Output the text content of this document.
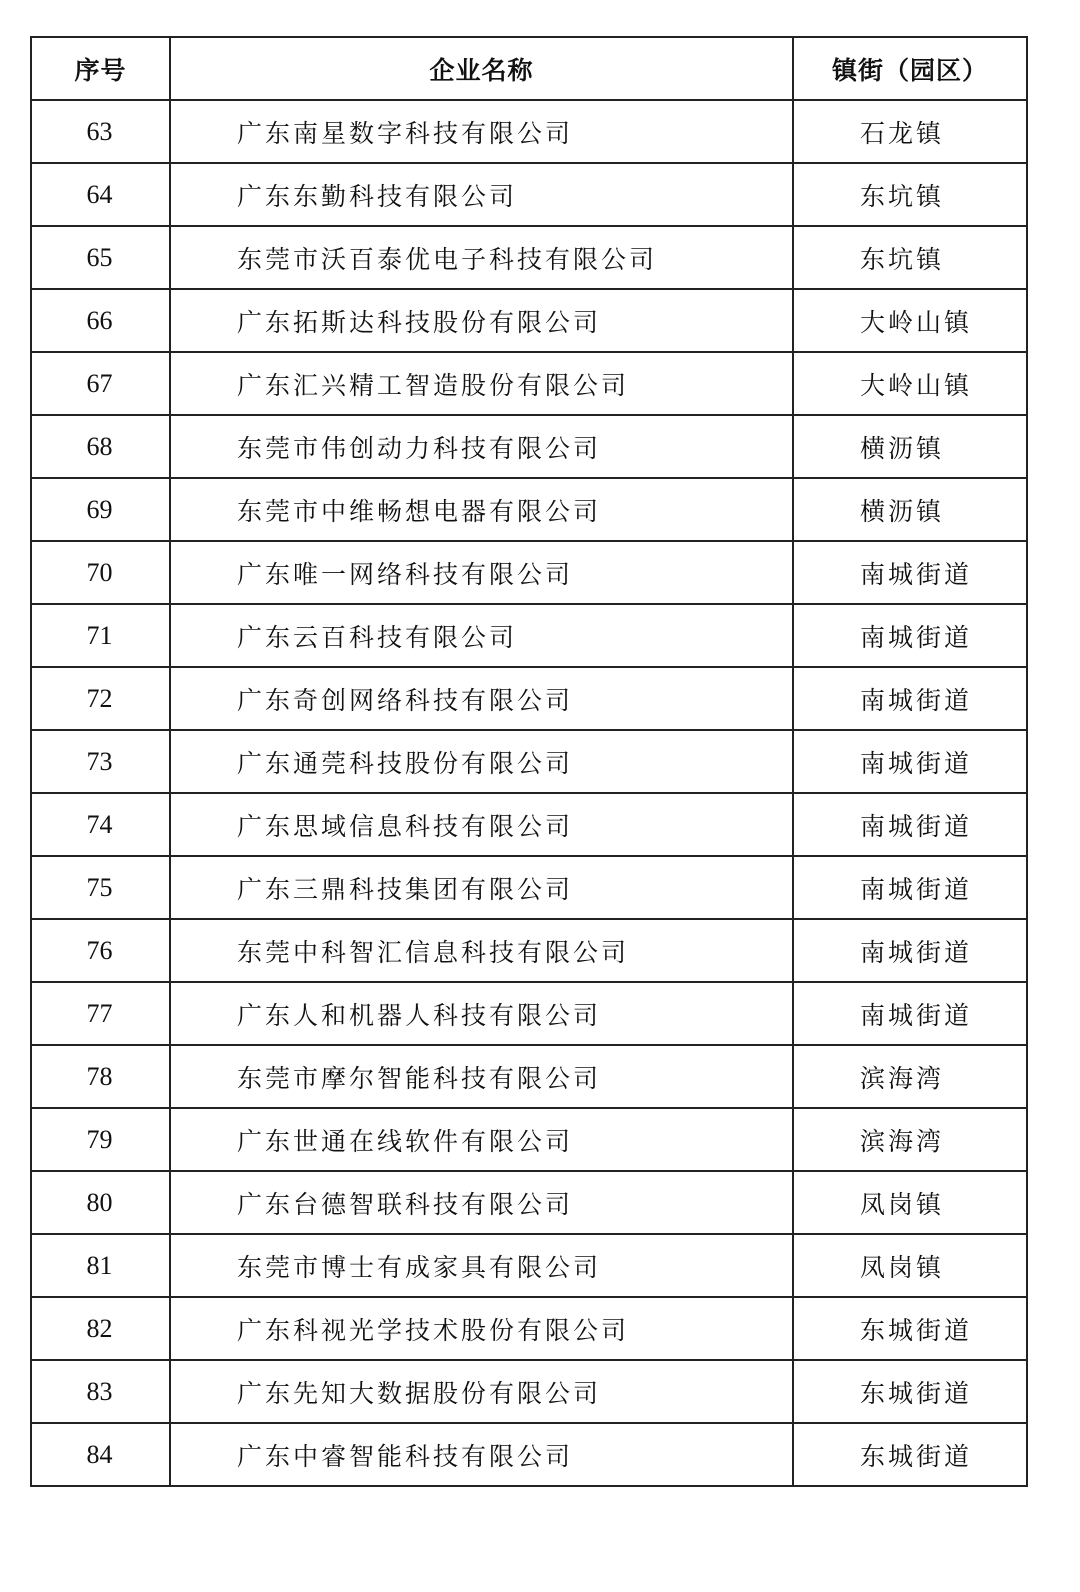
序号	企业名称	镇街（园区）
63	广东南星数字科技有限公司	石龙镇
64	广东东勤科技有限公司	东坑镇
65	东莞市沃百泰优电子科技有限公司	东坑镇
66	广东拓斯达科技股份有限公司	大岭山镇
67	广东汇兴精工智造股份有限公司	大岭山镇
68	东莞市伟创动力科技有限公司	横沥镇
69	东莞市中维畅想电器有限公司	横沥镇
70	广东唯一网络科技有限公司	南城街道
71	广东云百科技有限公司	南城街道
72	广东奇创网络科技有限公司	南城街道
73	广东通莞科技股份有限公司	南城街道
74	广东思域信息科技有限公司	南城街道
75	广东三鼎科技集团有限公司	南城街道
76	东莞中科智汇信息科技有限公司	南城街道
77	广东人和机器人科技有限公司	南城街道
78	东莞市摩尔智能科技有限公司	滨海湾
79	广东世通在线软件有限公司	滨海湾
80	广东台德智联科技有限公司	凤岗镇
81	东莞市博士有成家具有限公司	凤岗镇
82	广东科视光学技术股份有限公司	东城街道
83	广东先知大数据股份有限公司	东城街道
84	广东中睿智能科技有限公司	东城街道
